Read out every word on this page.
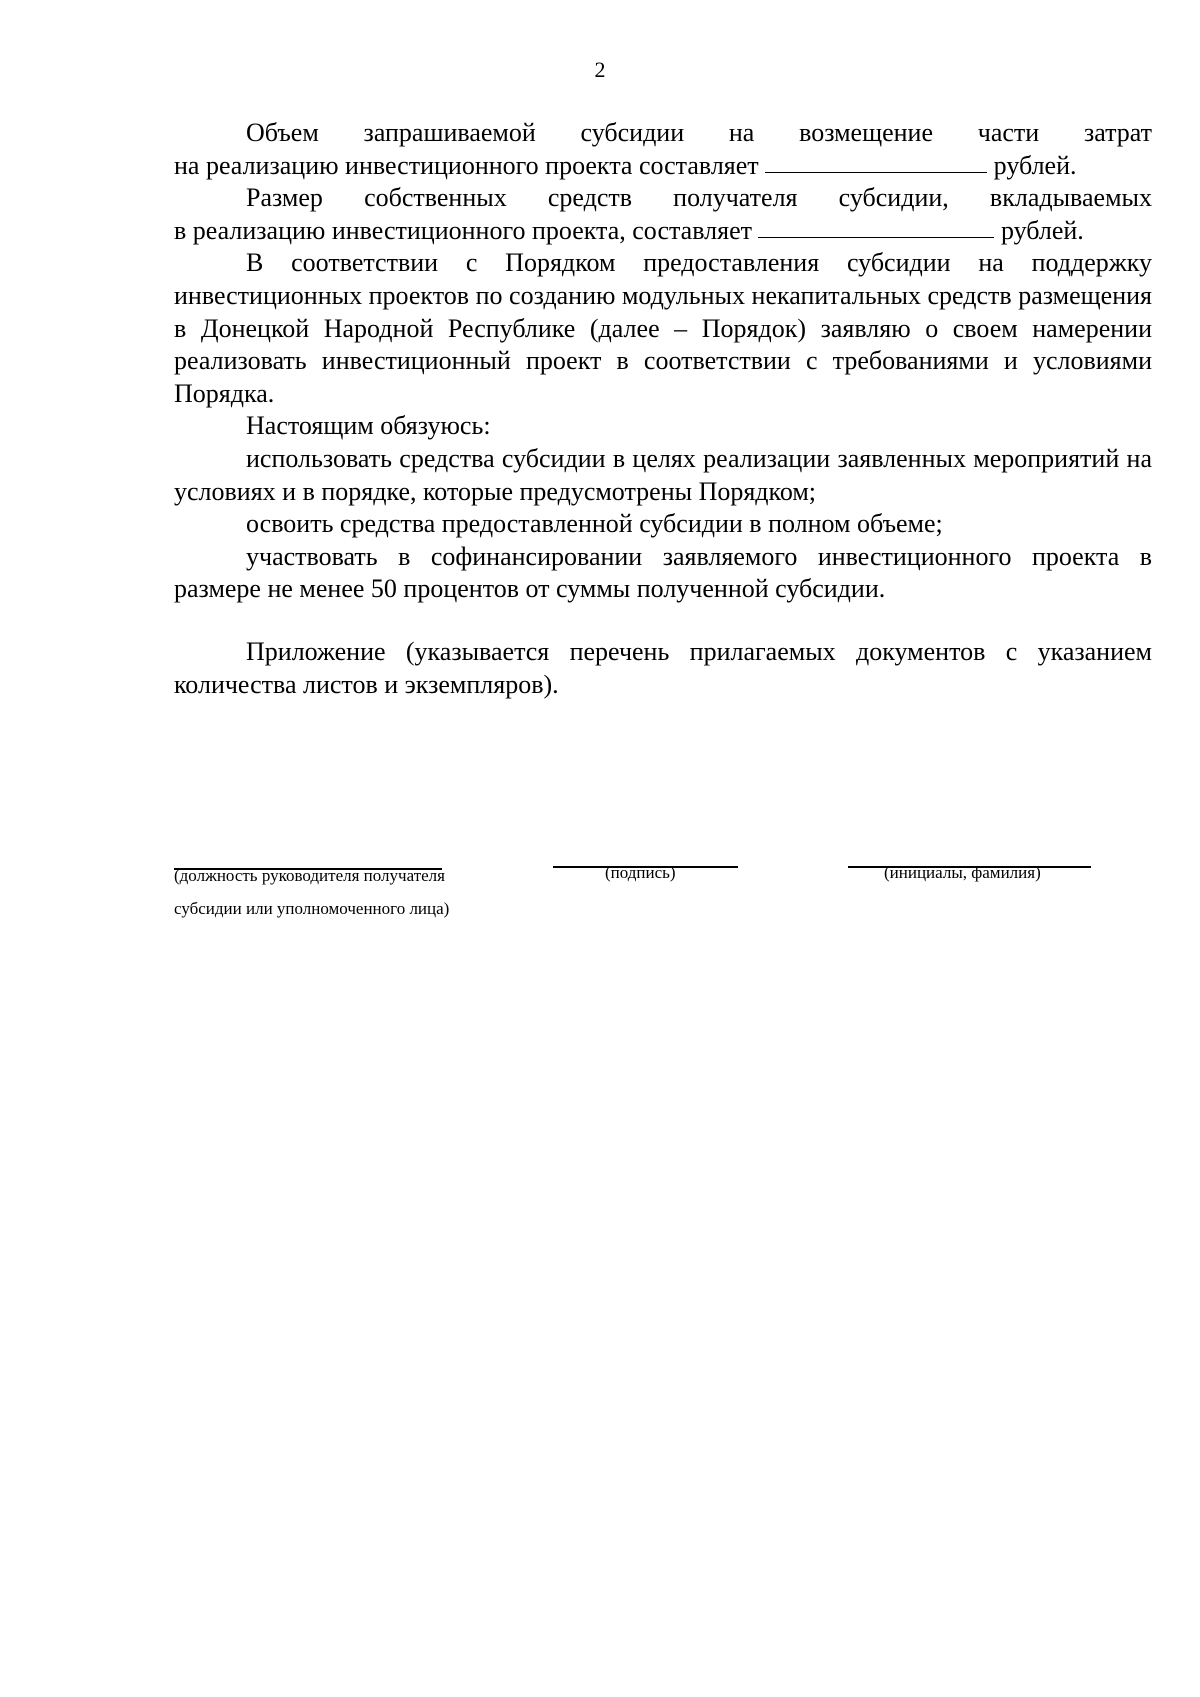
2

Объем запрашиваемой субсидии на возмещение части затрат

на реализацию инвестиционного проекта составляет	рублей.

Размер собственных средств получателя субсидии, вкладываемых

в реализацию инвестиционного проекта, составляет	рублей.

В соответствии с Порядком предоставления субсидии на поддержку инвестиционных проектов по созданию модульных некапитальных средств размещения в Донецкой Народной Республике (далее – Порядок) заявляю о своем намерении реализовать инвестиционный проект в соответствии с требованиями и условиями Порядка.

Настоящим обязуюсь:

использовать средства субсидии в целях реализации заявленных мероприятий на условиях и в порядке, которые предусмотрены Порядком;

освоить средства предоставленной субсидии в полном объеме;

участвовать в софинансировании заявляемого инвестиционного проекта в размере не менее 50 процентов от суммы полученной субсидии.

Приложение (указывается перечень прилагаемых документов с указанием количества листов и экземпляров).

(должность руководителя получателя
субсидии или уполномоченного лица)
(подпись)	(инициалы, фамилия)
